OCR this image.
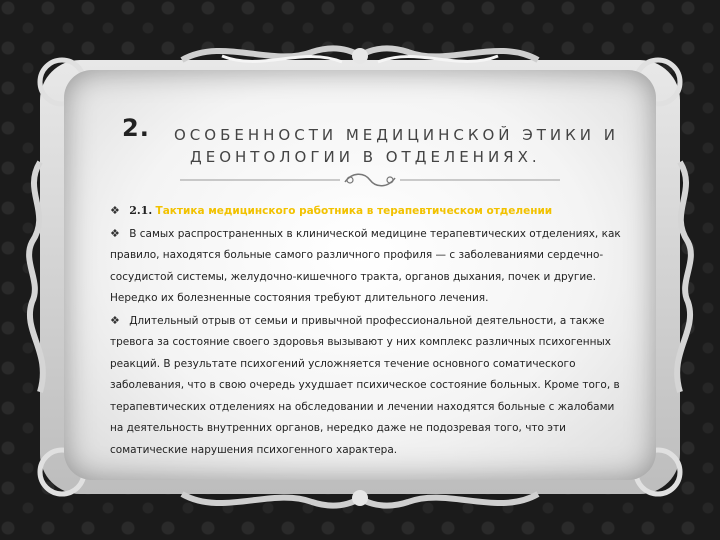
2. ОСОБЕННОСТИ МЕДИЦИНСКОЙ ЭТИКИ И
ДЕОНТОЛОГИИ В ОТДЕЛЕНИЯХ.

❖ 2.1. Тактика медицинского работника в терапевтическом отделении

❖ В самых распространенных в клинической медицине терапевтических отделениях, как правило, находятся больные самого различного профиля — с заболеваниями сердечно-сосудистой системы, желудочно-кишечного тракта, органов дыхания, почек и другие. Нередко их болезненные состояния требуют длительного лечения.

❖ Длительный отрыв от семьи и привычной профессиональной деятельности, а также тревога за состояние своего здоровья вызывают у них комплекс различных психогенных реакций. В результате психогений усложняется течение основного соматического заболевания, что в свою очередь ухудшает психическое состояние больных. Кроме того, в терапевтических отделениях на обследовании и лечении находятся больные с жалобами на деятельность внутренних органов, нередко даже не подозревая того, что эти соматические нарушения психогенного характера.
